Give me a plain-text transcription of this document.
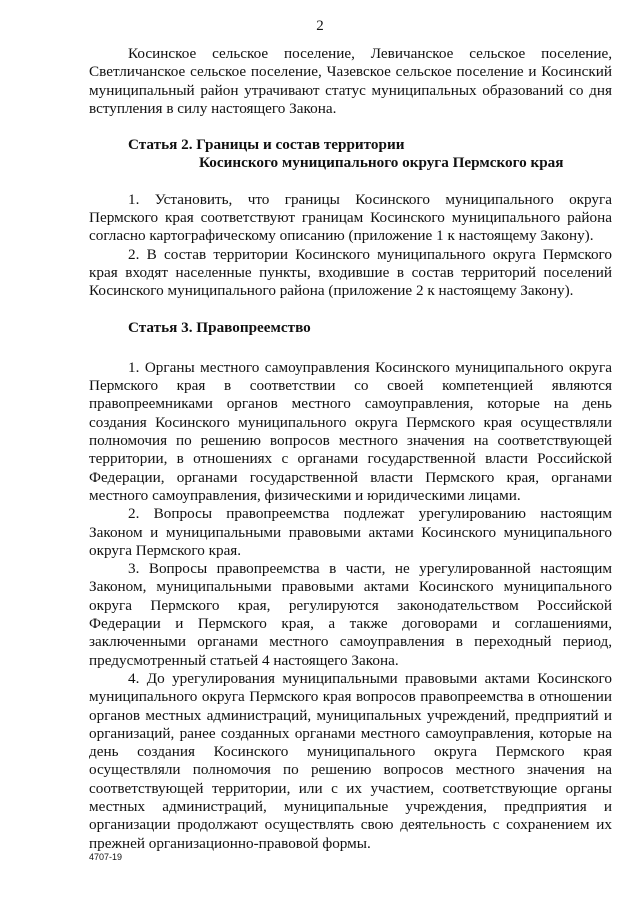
2

Косинское сельское поселение, Левичанское сельское поселение, Светличанское сельское поселение, Чазевское сельское поселение и Косинский муниципальный район утрачивают статус муниципальных образований со дня вступления в силу настоящего Закона.

Статья 2. Границы и состав территории
Косинского муниципального округа Пермского края

1. Установить, что границы Косинского муниципального округа Пермского края соответствуют границам Косинского муниципального района согласно картографическому описанию (приложение 1 к настоящему Закону).

2. В состав территории Косинского муниципального округа Пермского края входят населенные пункты, входившие в состав территорий поселений Косинского муниципального района (приложение 2 к настоящему Закону).

Статья 3. Правопреемство

1. Органы местного самоуправления Косинского муниципального округа Пермского края в соответствии со своей компетенцией являются правопреемниками органов местного самоуправления, которые на день создания Косинского муниципального округа Пермского края осуществляли полномочия по решению вопросов местного значения на соответствующей территории, в отношениях с органами государственной власти Российской Федерации, органами государственной власти Пермского края, органами местного самоуправления, физическими и юридическими лицами.

2. Вопросы правопреемства подлежат урегулированию настоящим Законом и муниципальными правовыми актами Косинского муниципального округа Пермского края.

3. Вопросы правопреемства в части, не урегулированной настоящим Законом, муниципальными правовыми актами Косинского муниципального округа Пермского края, регулируются законодательством Российской Федерации и Пермского края, а также договорами и соглашениями, заключенными органами местного самоуправления в переходный период, предусмотренный статьей 4 настоящего Закона.

4. До урегулирования муниципальными правовыми актами Косинского муниципального округа Пермского края вопросов правопреемства в отношении органов местных администраций, муниципальных учреждений, предприятий и организаций, ранее созданных органами местного самоуправления, которые на день создания Косинского муниципального округа Пермского края осуществляли полномочия по решению вопросов местного значения на соответствующей территории, или с их участием, соответствующие органы местных администраций, муниципальные учреждения, предприятия и организации продолжают осуществлять свою деятельность с сохранением их прежней организационно-правовой формы.

4707-19
